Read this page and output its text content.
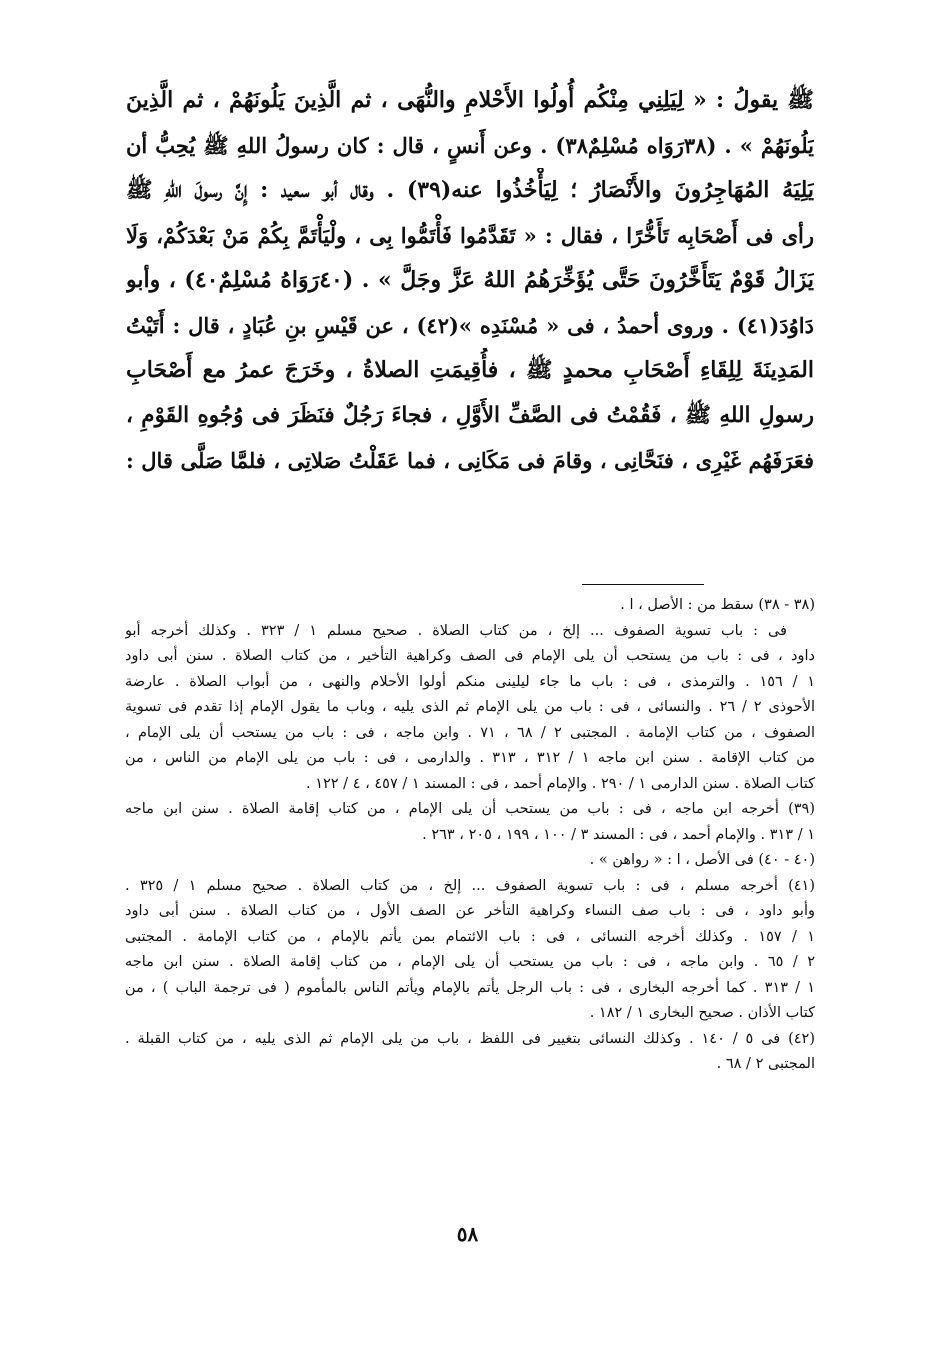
ﷺ يقولُ : « لِيَلِنِي مِنْكُم أُولُوا الأَحْلامِ والنُّهَى ، ثم الَّذِينَ يَلُونَهُمْ ، ثم الَّذِينَ
يَلُونَهُمْ » . (٣٨رَوَاه مُسْلِمٌ٣٨) . وعن أَنسٍ ، قال : كان رسولُ اللهِ ﷺ يُحِبُّ أن
يَلِيَهُ المُهَاجِرُونَ والأَنْصَارُ ؛ لِيَأْخُذُوا عنه(٣٩) . وقال أبو سعيد : إِنَّ رسولَ اللهِ ﷺ
رأى فى أَصْحَابِه تَأَخُّرًا ، فقال : « تَقَدَّمُوا فَأْتَمُّوا بِى ، ولْيَأْتَمَّ بِكُمْ مَنْ بَعْدَكُمْ، وَلَا
يَزَالُ قَوْمٌ يَتَأَخَّرُونَ حَتَّى يُؤَخِّرَهُمُ اللهُ عَزَّ وجَلَّ » . (٤٠رَوَاهُ مُسْلِمٌ٤٠) ، وأبو
دَاوُدَ(٤١) . وروى أحمدُ ، فى « مُسْنَدِه »(٤٢) ، عن قَيْسِ بنِ عُبَادٍ ، قال : أَتَيْتُ
المَدِينَةَ لِلِقَاءِ أَصْحَابِ محمدٍ ﷺ ، فأُقِيمَتِ الصلاةُ ، وخَرَجَ عمرُ مع أَصْحَابِ
رسولِ اللهِ ﷺ ، فَقُمْتُ فى الصَّفِّ الأَوَّلِ ، فجاءَ رَجُلٌ فنَظَرَ فى وُجُوهِ القَوْمِ ،
فعَرَفَهُم غَيْرِى ، فنَحَّانِى ، وقامَ فى مَكَانِى ، فما عَقَلْتُ صَلاتِى ، فلمَّا صَلَّى قال :
(٣٨ - ٣٨) سقط من : الأصل ، ا .
فى : باب تسوية الصفوف ... إلخ ، من كتاب الصلاة . صحيح مسلم ١ / ٣٢٣ . وكذلك أخرجه أبو
داود ، فى : باب من يستحب أن يلى الإمام فى الصف وكراهية التأخير ، من كتاب الصلاة . سنن أبى داود
١ / ١٥٦ . والترمذى ، فى : باب ما جاء ليلينى منكم أولوا الأحلام والنهى ، من أبواب الصلاة . عارضة
الأحوذى ٢ / ٢٦ . والنسائى ، فى : باب من يلى الإمام ثم الذى يليه ، وباب ما يقول الإمام إذا تقدم فى تسوية
الصفوف ، من كتاب الإمامة . المجتبى ٢ / ٦٨ ، ٧١ . وابن ماجه ، فى : باب من يستحب أن يلى الإمام ،
من كتاب الإقامة . سنن ابن ماجه ١ / ٣١٢ ، ٣١٣ . والدارمى ، فى : باب من يلى الإمام من الناس ، من
كتاب الصلاة . سنن الدارمى ١ / ٢٩٠ . والإمام أحمد ، فى : المسند ١ / ٤٥٧ ، ٤ / ١٢٢ .
(٣٩) أخرجه ابن ماجه ، فى : باب من يستحب أن يلى الإمام ، من كتاب إقامة الصلاة . سنن ابن ماجه
١ / ٣١٣ . والإمام أحمد ، فى : المسند ٣ / ١٠٠ ، ١٩٩ ، ٢٠٥ ، ٢٦٣ .
(٤٠ - ٤٠) فى الأصل ، ا : « رواهن » .
(٤١) أخرجه مسلم ، فى : باب تسوية الصفوف ... إلخ ، من كتاب الصلاة . صحيح مسلم ١ / ٣٢٥ .
وأبو داود ، فى : باب صف النساء وكراهية التأخر عن الصف الأول ، من كتاب الصلاة . سنن أبى داود
١ / ١٥٧ . وكذلك أخرجه النسائى ، فى : باب الائتمام بمن يأتم بالإمام ، من كتاب الإمامة . المجتبى
٢ / ٦٥ . وابن ماجه ، فى : باب من يستحب أن يلى الإمام ، من كتاب إقامة الصلاة . سنن ابن ماجه
١ / ٣١٣ . كما أخرجه البخارى ، فى : باب الرجل يأتم بالإمام ويأتم الناس بالمأموم ( فى ترجمة الباب ) ، من
كتاب الأذان . صحيح البخارى ١ / ١٨٢ .
(٤٢) فى ٥ / ١٤٠ . وكذلك النسائى بتغيير فى اللفظ ، باب من يلى الإمام ثم الذى يليه ، من كتاب القبلة .
المجتبى ٢ / ٦٨ .
٥٨
